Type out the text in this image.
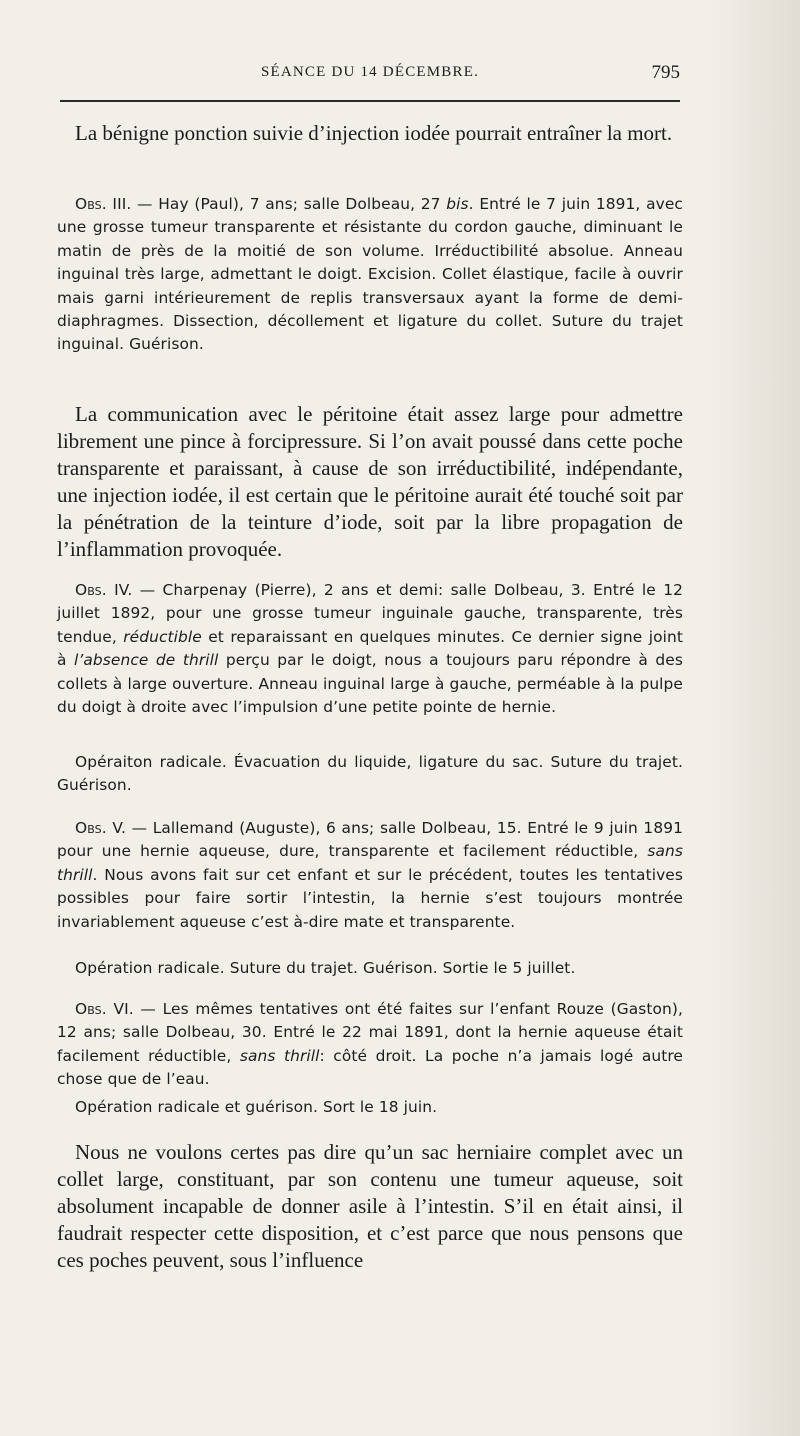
SÉANCE DU 14 DÉCEMBRE.	795

La bénigne ponction suivie d’injection iodée pourrait entraîner la mort.

Obs. III. — Hay (Paul), 7 ans; salle Dolbeau, 27 bis. Entré le 7 juin 1891, avec une grosse tumeur transparente et résistante du cordon gauche, diminuant le matin de près de la moitié de son volume. Irréductibilité absolue. Anneau inguinal très large, admettant le doigt. Excision. Collet élastique, facile à ouvrir mais garni intérieurement de replis transversaux ayant la forme de demi-diaphragmes. Dissection, décollement et ligature du collet. Suture du trajet inguinal. Guérison.

La communication avec le péritoine était assez large pour admettre librement une pince à forcipressure. Si l’on avait poussé dans cette poche transparente et paraissant, à cause de son irréductibilité, indépendante, une injection iodée, il est certain que le péritoine aurait été touché soit par la pénétration de la teinture d’iode, soit par la libre propagation de l’inflammation provoquée.

Obs. IV. — Charpenay (Pierre), 2 ans et demi: salle Dolbeau, 3. Entré le 12 juillet 1892, pour une grosse tumeur inguinale gauche, transparente, très tendue, réductible et reparaissant en quelques minutes. Ce dernier signe joint à l’absence de thrill perçu par le doigt, nous a toujours paru répondre à des collets à large ouverture. Anneau inguinal large à gauche, perméable à la pulpe du doigt à droite avec l’impulsion d’une petite pointe de hernie.

Opéraiton radicale. Évacuation du liquide, ligature du sac. Suture du trajet. Guérison.

Obs. V. — Lallemand (Auguste), 6 ans; salle Dolbeau, 15. Entré le 9 juin 1891 pour une hernie aqueuse, dure, transparente et facilement réductible, sans thrill. Nous avons fait sur cet enfant et sur le précédent, toutes les tentatives possibles pour faire sortir l’intestin, la hernie s’est toujours montrée invariablement aqueuse c’est à-dire mate et transparente.

Opération radicale. Suture du trajet. Guérison. Sortie le 5 juillet.

Obs. VI. — Les mêmes tentatives ont été faites sur l’enfant Rouze (Gaston), 12 ans; salle Dolbeau, 30. Entré le 22 mai 1891, dont la hernie aqueuse était facilement réductible, sans thrill: côté droit. La poche n’a jamais logé autre chose que de l’eau.

Opération radicale et guérison. Sort le 18 juin.

Nous ne voulons certes pas dire qu’un sac herniaire complet avec un collet large, constituant, par son contenu une tumeur aqueuse, soit absolument incapable de donner asile à l’intestin. S’il en était ainsi, il faudrait respecter cette disposition, et c’est parce que nous pensons que ces poches peuvent, sous l’influence
